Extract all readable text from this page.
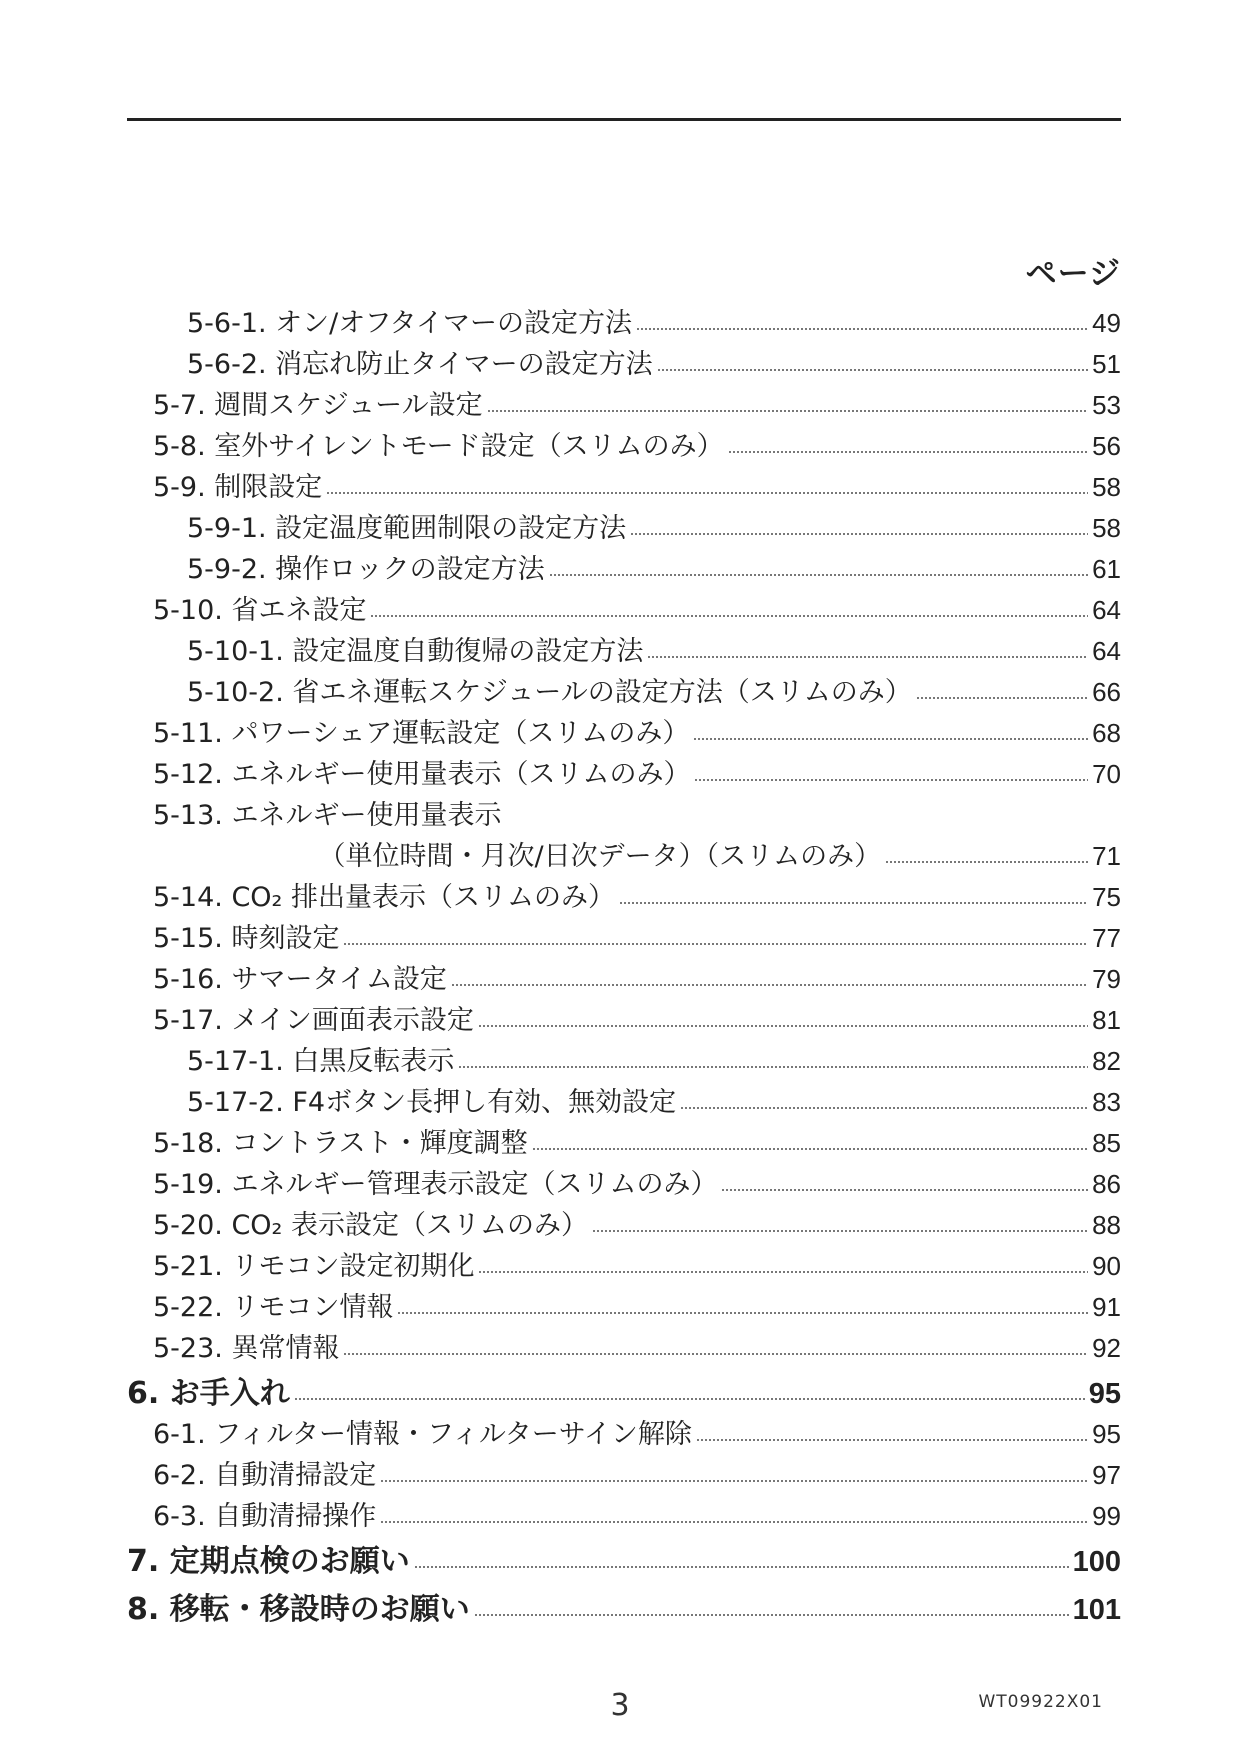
ページ
5-6-1. オン/オフタイマーの設定方法	49
5-6-2. 消忘れ防止タイマーの設定方法	51
5-7. 週間スケジュール設定	53
5-8. 室外サイレントモード設定（スリムのみ）	56
5-9. 制限設定	58
5-9-1. 設定温度範囲制限の設定方法	58
5-9-2. 操作ロックの設定方法	61
5-10. 省エネ設定	64
5-10-1. 設定温度自動復帰の設定方法	64
5-10-2. 省エネ運転スケジュールの設定方法（スリムのみ）	66
5-11. パワーシェア運転設定（スリムのみ）	68
5-12. エネルギー使用量表示（スリムのみ）	70
5-13. エネルギー使用量表示
（単位時間・月次/日次データ）（スリムのみ）	71
5-14. CO₂ 排出量表示（スリムのみ）	75
5-15. 時刻設定	77
5-16. サマータイム設定	79
5-17. メイン画面表示設定	81
5-17-1. 白黒反転表示	82
5-17-2. F4ボタン長押し有効、無効設定	83
5-18. コントラスト・輝度調整	85
5-19. エネルギー管理表示設定（スリムのみ）	86
5-20. CO₂ 表示設定（スリムのみ）	88
5-21. リモコン設定初期化	90
5-22. リモコン情報	91
5-23. 異常情報	92
6. お手入れ	95
6-1. フィルター情報・フィルターサイン解除	95
6-2. 自動清掃設定	97
6-3. 自動清掃操作	99
7. 定期点検のお願い	100
8. 移転・移設時のお願い	101
3	WT09922X01
